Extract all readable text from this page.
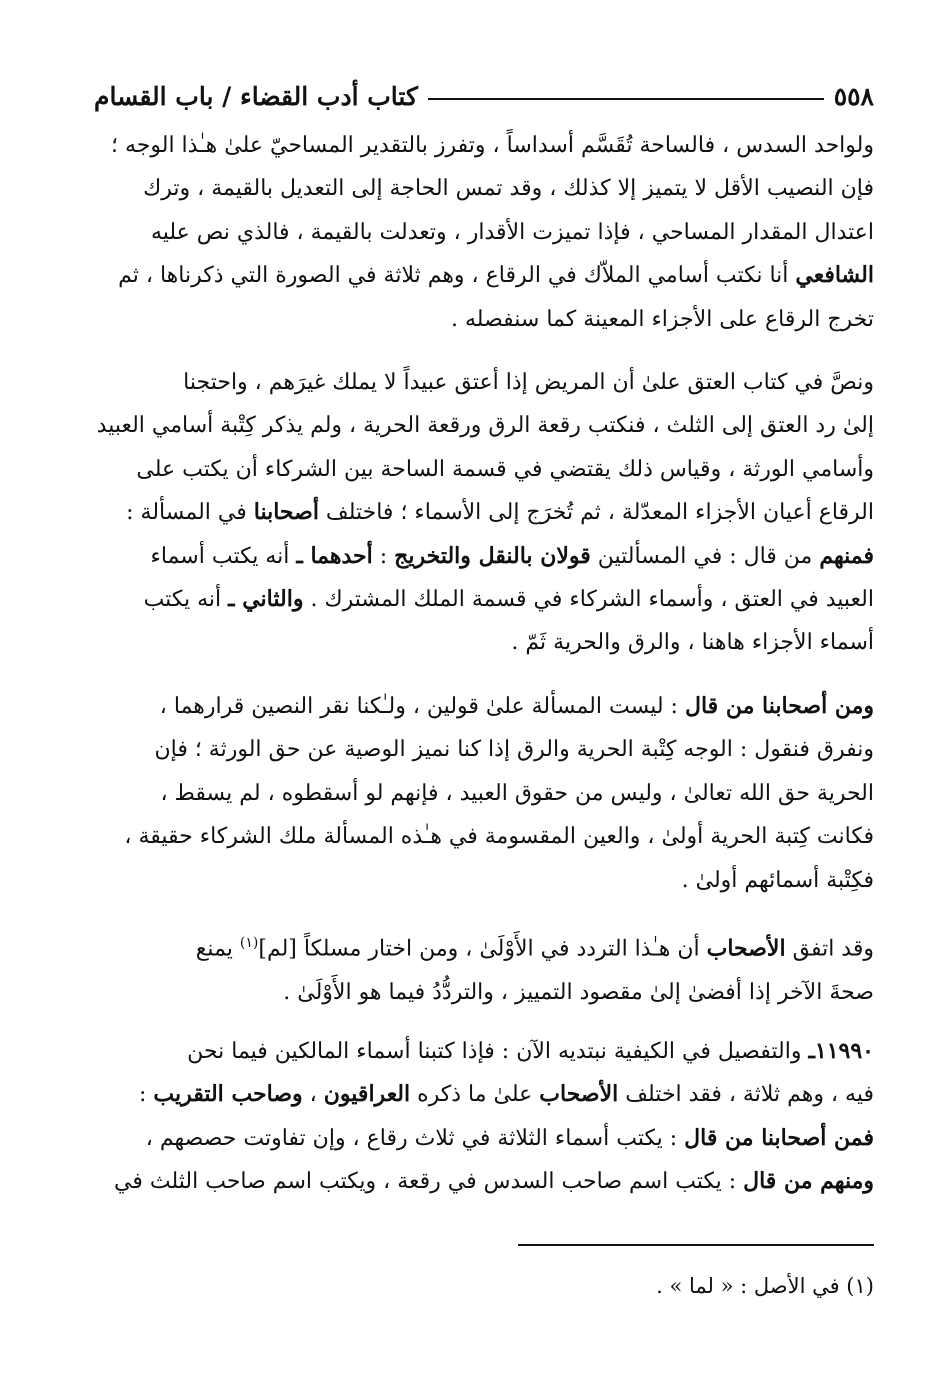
٥٥٨
كتاب أدب القضاء / باب القسام
ولواحد السدس ، فالساحة تُقَسَّم أسداساً ، وتفرز بالتقدير المساحيّ علىٰ هـٰذا الوجه ؛
فإن النصيب الأقل لا يتميز إلا كذلك ، وقد تمس الحاجة إلى التعديل بالقيمة ، وترك
اعتدال المقدار المساحي ، فإذا تميزت الأقدار ، وتعدلت بالقيمة ، فالذي نص عليه
الشافعي أنا نكتب أسامي الملاّك في الرقاع ، وهم ثلاثة في الصورة التي ذكرناها ، ثم
تخرج الرقاع على الأجزاء المعينة كما سنفصله .
ونصَّ في كتاب العتق علىٰ أن المريض إذا أعتق عبيداً لا يملك غيرَهم ، واحتجنا
إلىٰ رد العتق إلى الثلث ، فنكتب رقعة الرق ورقعة الحرية ، ولم يذكر كِتْبة أسامي العبيد
وأسامي الورثة ، وقياس ذلك يقتضي في قسمة الساحة بين الشركاء أن يكتب على
الرقاع أعيان الأجزاء المعدّلة ، ثم تُخرَج إلى الأسماء ؛ فاختلف أصحابنا في المسألة :
فمنهم من قال : في المسألتين قولان بالنقل والتخريج : أحدهما ـ أنه يكتب أسماء
العبيد في العتق ، وأسماء الشركاء في قسمة الملك المشترك . والثاني ـ أنه يكتب
أسماء الأجزاء هاهنا ، والرق والحرية ثَمّ .
ومن أصحابنا من قال : ليست المسألة علىٰ قولين ، ولـٰكنا نقر النصين قرارهما ،
ونفرق فنقول : الوجه كِتْبة الحرية والرق إذا كنا نميز الوصية عن حق الورثة ؛ فإن
الحرية حق الله تعالىٰ ، وليس من حقوق العبيد ، فإنهم لو أسقطوه ، لم يسقط ،
فكانت كِتبة الحرية أولىٰ ، والعين المقسومة في هـٰذه المسألة ملك الشركاء حقيقة ،
فكِتْبة أسمائهم أولىٰ .
وقد اتفق الأصحاب أن هـٰذا التردد في الأَوْلَىٰ ، ومن اختار مسلكاً [لم]$^{(١)}$ يمنع
صحةَ الآخر إذا أفضىٰ إلىٰ مقصود التمييز ، والتردُّدُ فيما هو الأَوْلَىٰ .
١١٩٩٠ـ والتفصيل في الكيفية نبتديه الآن : فإذا كتبنا أسماء المالكين فيما نحن
فيه ، وهم ثلاثة ، فقد اختلف الأصحاب علىٰ ما ذكره العراقيون ، وصاحب التقريب :
فمن أصحابنا من قال : يكتب أسماء الثلاثة في ثلاث رقاع ، وإن تفاوتت حصصهم ،
ومنهم من قال : يكتب اسم صاحب السدس في رقعة ، ويكتب اسم صاحب الثلث في
(١) في الأصل : « لما » .
